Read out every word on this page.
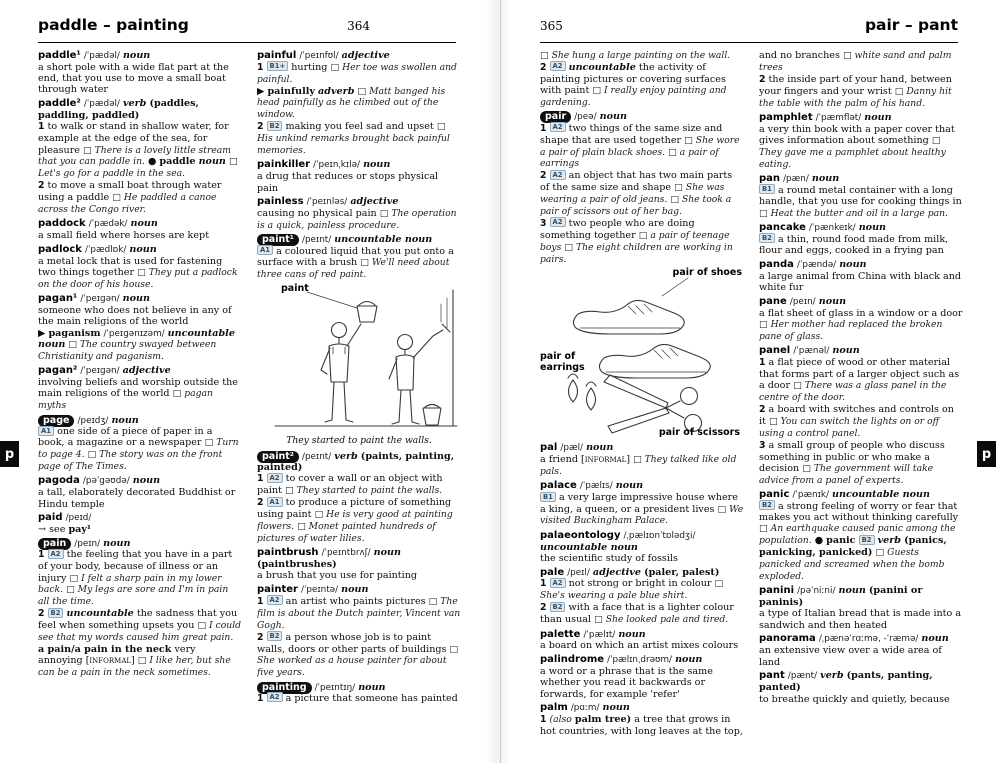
paddle – painting	364
paddle¹ /ˈpædəl/ noun
a short pole with a wide flat part at the end, that you use to move a small boat through water
paddle² /ˈpædəl/ verb (paddles, paddling, paddled)
1 to walk or stand in shallow water, for example at the edge of the sea, for pleasure □ There is a lovely little stream that you can paddle in. ● paddle noun □ Let's go for a paddle in the sea.
2 to move a small boat through water using a paddle □ He paddled a canoe across the Congo river.
paddock /ˈpædək/ noun
a small field where horses are kept
padlock /ˈpædlɒk/ noun
a metal lock that is used for fastening two things together □ They put a padlock on the door of his house.
pagan¹ /ˈpeɪgən/ noun
someone who does not believe in any of the main religions of the world
▶ paganism /ˈpeɪgənɪzəm/ uncountable noun □ The country swayed between Christianity and paganism.
pagan² /ˈpeɪgən/ adjective
involving beliefs and worship outside the main religions of the world □ pagan myths
page /peɪdʒ/ noun
A1 one side of a piece of paper in a book, a magazine or a newspaper □ Turn to page 4. □ The story was on the front page of The Times.
pagoda /pəˈgəʊdə/ noun
a tall, elaborately decorated Buddhist or Hindu temple
paid /peɪd/
→ see pay¹
pain /peɪn/ noun
1 A2 the feeling that you have in a part of your body, because of illness or an injury □ I felt a sharp pain in my lower back. □ My legs are sore and I'm in pain all the time.
2 B2 uncountable the sadness that you feel when something upsets you □ I could see that my words caused him great pain.
a pain/a pain in the neck very annoying [informal] □ I like her, but she can be a pain in the neck sometimes.
painful /ˈpeɪnfʊl/ adjective
1 B1+ hurting □ Her toe was swollen and painful.
▶ painfully adverb □ Matt banged his head painfully as he climbed out of the window.
2 B2 making you feel sad and upset □ His unkind remarks brought back painful memories.
painkiller /ˈpeɪnˌkɪlə/ noun
a drug that reduces or stops physical pain
painless /ˈpeɪnləs/ adjective
causing no physical pain □ The operation is a quick, painless procedure.
paint¹ /peɪnt/ uncountable noun
A1 a coloured liquid that you put onto a surface with a brush □ We'll need about three cans of red paint.
paint
They started to paint the walls.
paint² /peɪnt/ verb (paints, painting, painted)
1 A2 to cover a wall or an object with paint □ They started to paint the walls.
2 A1 to produce a picture of something using paint □ He is very good at painting flowers. □ Monet painted hundreds of pictures of water lilies.
paintbrush /ˈpeɪntbrʌʃ/ noun (paintbrushes)
a brush that you use for painting
painter /ˈpeɪntə/ noun
1 A2 an artist who paints pictures □ The film is about the Dutch painter, Vincent van Gogh.
2 B2 a person whose job is to paint walls, doors or other parts of buildings □ She worked as a house painter for about five years.
painting /ˈpeɪntɪŋ/ noun
1 A2 a picture that someone has painted
365	pair – pant
□ She hung a large painting on the wall.
2 A2 uncountable the activity of painting pictures or covering surfaces with paint □ I really enjoy painting and gardening.
pair /peə/ noun
1 A2 two things of the same size and shape that are used together □ She wore a pair of plain black shoes. □ a pair of earrings
2 A2 an object that has two main parts of the same size and shape □ She was wearing a pair of old jeans. □ She took a pair of scissors out of her bag.
3 A2 two people who are doing something together □ a pair of teenage boys □ The eight children are working in pairs.
pair of shoes
pair of earrings
pair of scissors
pal /pæl/ noun
a friend [informal] □ They talked like old pals.
palace /ˈpælɪs/ noun
B1 a very large impressive house where a king, a queen, or a president lives □ We visited Buckingham Palace.
palaeontology /ˌpælɪɒnˈtɒlədʒi/ uncountable noun
the scientific study of fossils
pale /peɪl/ adjective (paler, palest)
1 A2 not strong or bright in colour □ She's wearing a pale blue shirt.
2 B2 with a face that is a lighter colour than usual □ She looked pale and tired.
palette /ˈpælɪt/ noun
a board on which an artist mixes colours
palindrome /ˈpælɪnˌdrəʊm/ noun
a word or a phrase that is the same whether you read it backwards or forwards, for example 'refer'
palm /pɑːm/ noun
1 (also palm tree) a tree that grows in hot countries, with long leaves at the top,
and no branches □ white sand and palm trees
2 the inside part of your hand, between your fingers and your wrist □ Danny hit the table with the palm of his hand.
pamphlet /ˈpæmflət/ noun
a very thin book with a paper cover that gives information about something □ They gave me a pamphlet about healthy eating.
pan /pæn/ noun
B1 a round metal container with a long handle, that you use for cooking things in □ Heat the butter and oil in a large pan.
pancake /ˈpænkeɪk/ noun
B2 a thin, round food made from milk, flour and eggs, cooked in a frying pan
panda /ˈpændə/ noun
a large animal from China with black and white fur
pane /peɪn/ noun
a flat sheet of glass in a window or a door □ Her mother had replaced the broken pane of glass.
panel /ˈpænəl/ noun
1 a flat piece of wood or other material that forms part of a larger object such as a door □ There was a glass panel in the centre of the door.
2 a board with switches and controls on it □ You can switch the lights on or off using a control panel.
3 a small group of people who discuss something in public or who make a decision □ The government will take advice from a panel of experts.
panic /ˈpænɪk/ uncountable noun
B2 a strong feeling of worry or fear that makes you act without thinking carefully □ An earthquake caused panic among the population. ● panic B2 verb (panics, panicking, panicked) □ Guests panicked and screamed when the bomb exploded.
panini /pəˈniːni/ noun (panini or paninis)
a type of Italian bread that is made into a sandwich and then heated
panorama /ˌpænəˈrɑːmə, -ˈræmə/ noun
an extensive view over a wide area of land
pant /pænt/ verb (pants, panting, panted)
to breathe quickly and quietly, because
p	p
